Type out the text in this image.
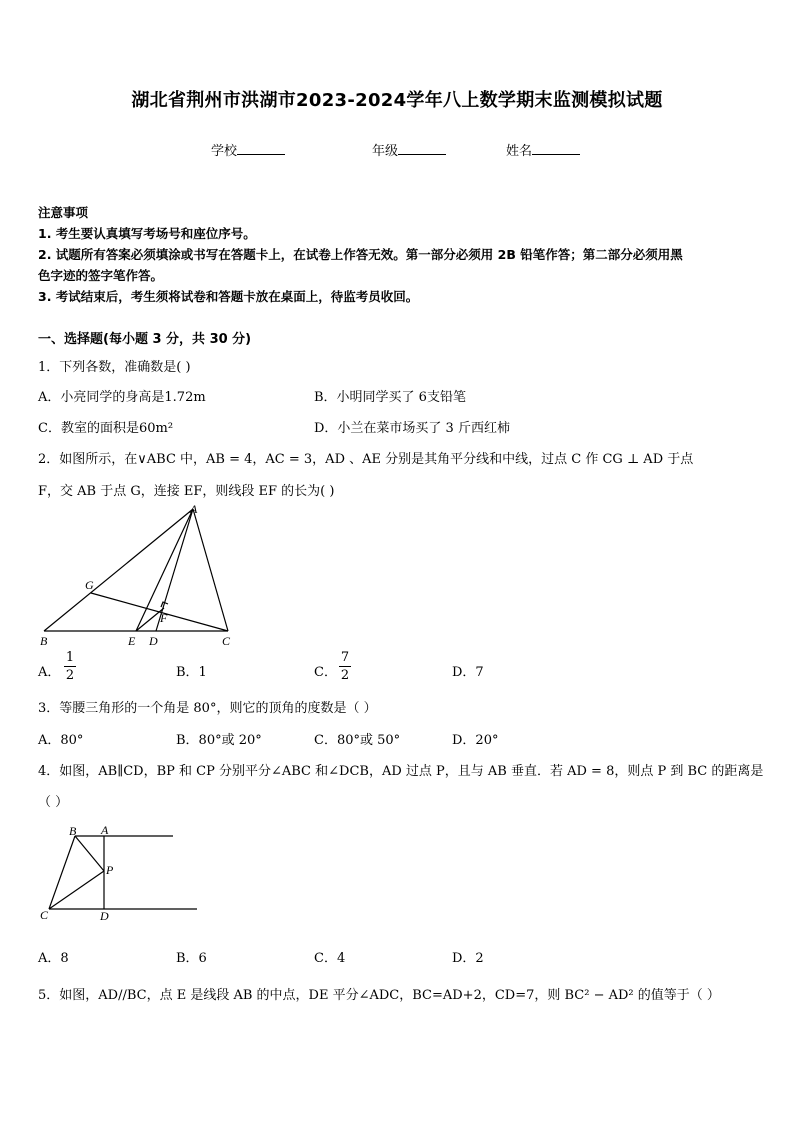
湖北省荆州市洪湖市2023-2024学年八上数学期末监测模拟试题
学校	年级	姓名
注意事项
1. 考生要认真填写考场号和座位序号。
2. 试题所有答案必须填涂或书写在答题卡上，在试卷上作答无效。第一部分必须用 2B 铅笔作答；第二部分必须用黑
色字迹的签字笔作答。
3. 考试结束后，考生须将试卷和答题卡放在桌面上，待监考员收回。
一、选择题(每小题 3 分，共 30 分)
1．下列各数，准确数是( )
A．小亮同学的身高是1.72m	B．小明同学买了 6支铅笔
C．教室的面积是60m²	D．小兰在菜市场买了 3 斤西红柿
2．如图所示，在∨ABC 中，AB = 4，AC = 3，AD 、AE 分别是其角平分线和中线，过点 C 作 CG ⊥ AD 于点
F，交 AB 于点 G，连接 EF，则线段 EF 的长为( )
A
G
F
B	E D	C
A．
1
2	B．1	C．
7
2	D．7
3．等腰三角形的一个角是 80°，则它的顶角的度数是（ ）
A．80°	B．80°或 20°	C．80°或 50°	D．20°
4．如图，AB∥CD，BP 和 CP 分别平分∠ABC 和∠DCB，AD 过点 P，且与 AB 垂直．若 AD = 8，则点 P 到 BC 的距离是
（ ）
B A
P
C	D
A．8	B．6	C．4	D．2
5．如图，AD//BC，点 E 是线段 AB 的中点，DE 平分∠ADC，BC=AD+2，CD=7，则 BC² − AD² 的值等于（ ）
